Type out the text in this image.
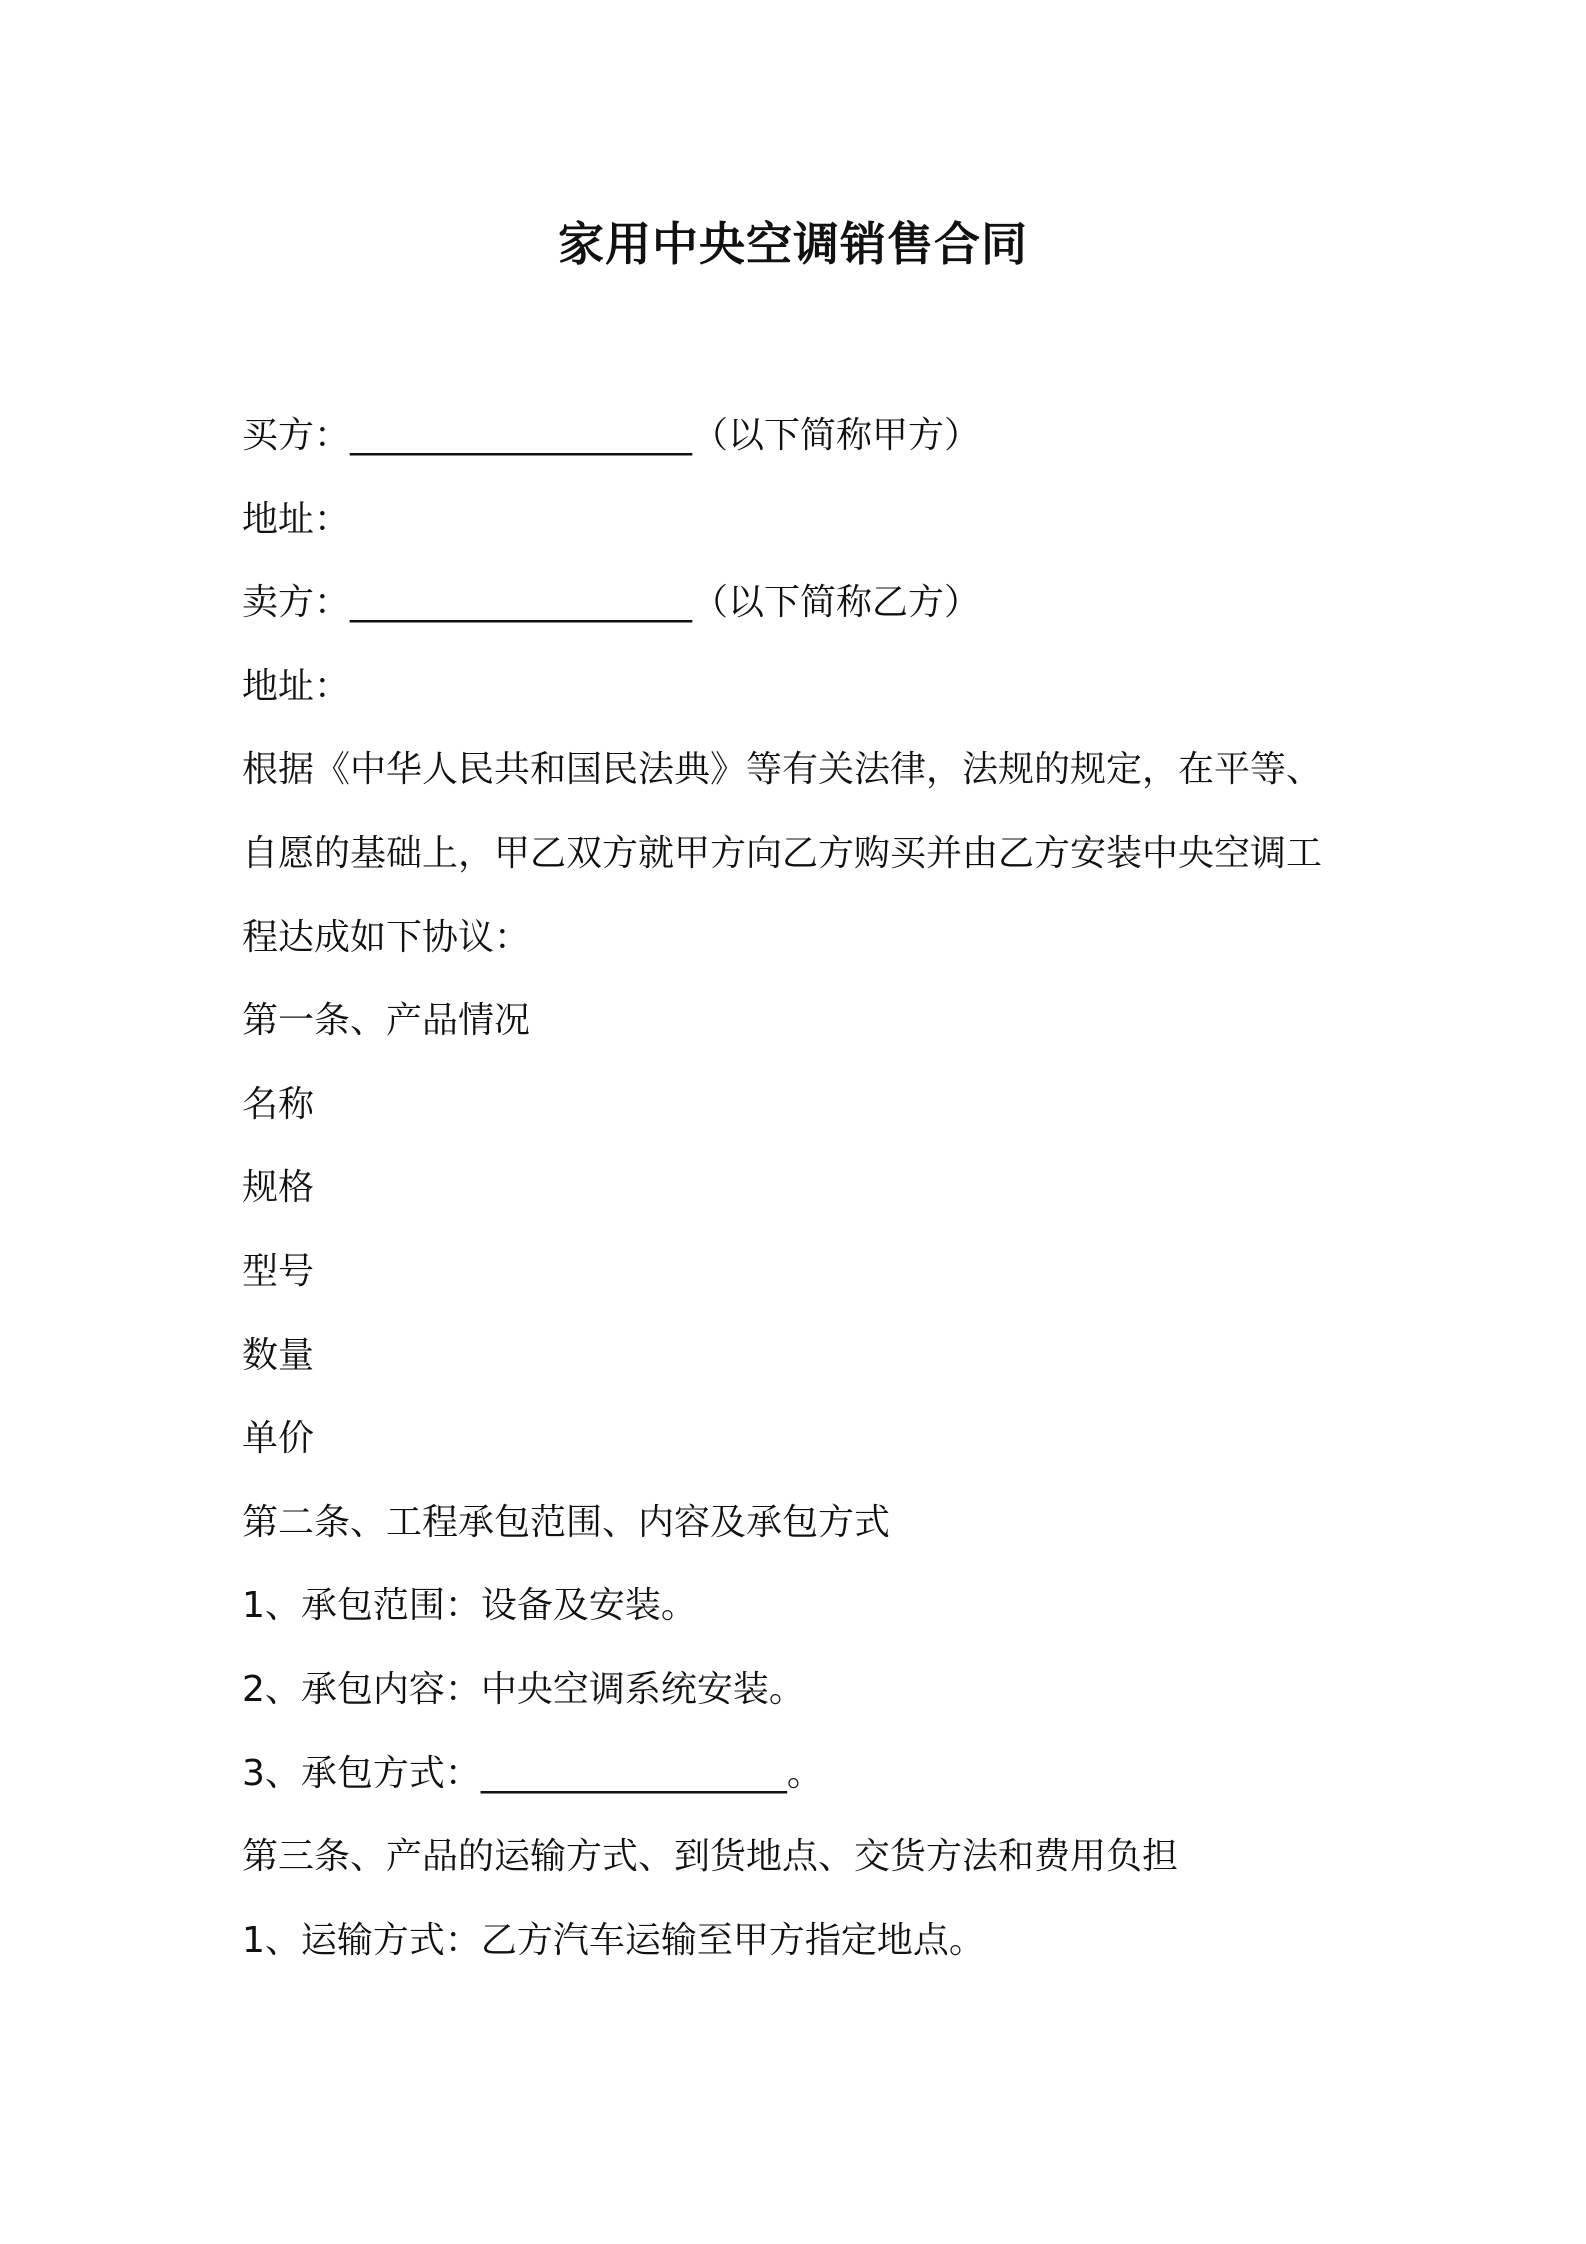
家用中央空调销售合同
买方：___________________（以下简称甲方）
地址：
卖方：___________________（以下简称乙方）
地址：
根据《中华人民共和国民法典》等有关法律，法规的规定，在平等、
自愿的基础上，甲乙双方就甲方向乙方购买并由乙方安装中央空调工
程达成如下协议：
第一条、产品情况
名称
规格
型号
数量
单价
第二条、工程承包范围、内容及承包方式
1、承包范围：设备及安装。
2、承包内容：中央空调系统安装。
3、承包方式：_________________。
第三条、产品的运输方式、到货地点、交货方法和费用负担
1、运输方式：乙方汽车运输至甲方指定地点。
